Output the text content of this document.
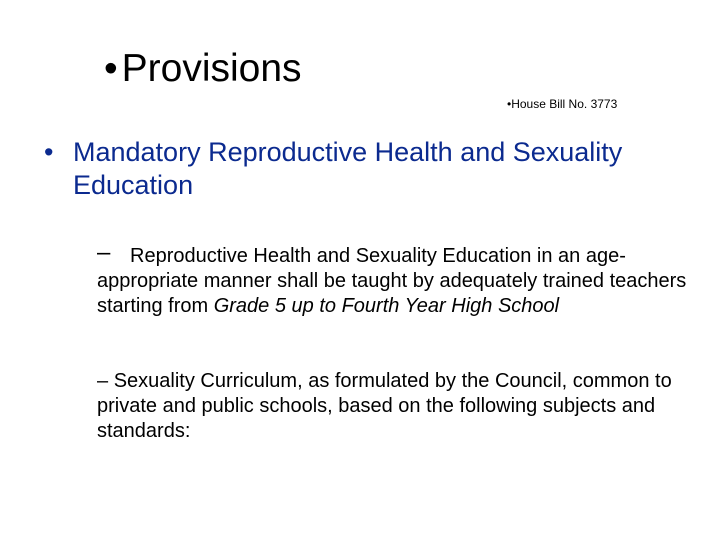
• Provisions
•House Bill No. 3773
• Mandatory Reproductive Health and Sexuality Education
– Reproductive Health and Sexuality Education in an age-appropriate manner shall be taught by adequately trained teachers starting from Grade 5 up to Fourth Year High School
– Sexuality Curriculum, as formulated by the Council, common to private and public schools, based on the following subjects and standards:
